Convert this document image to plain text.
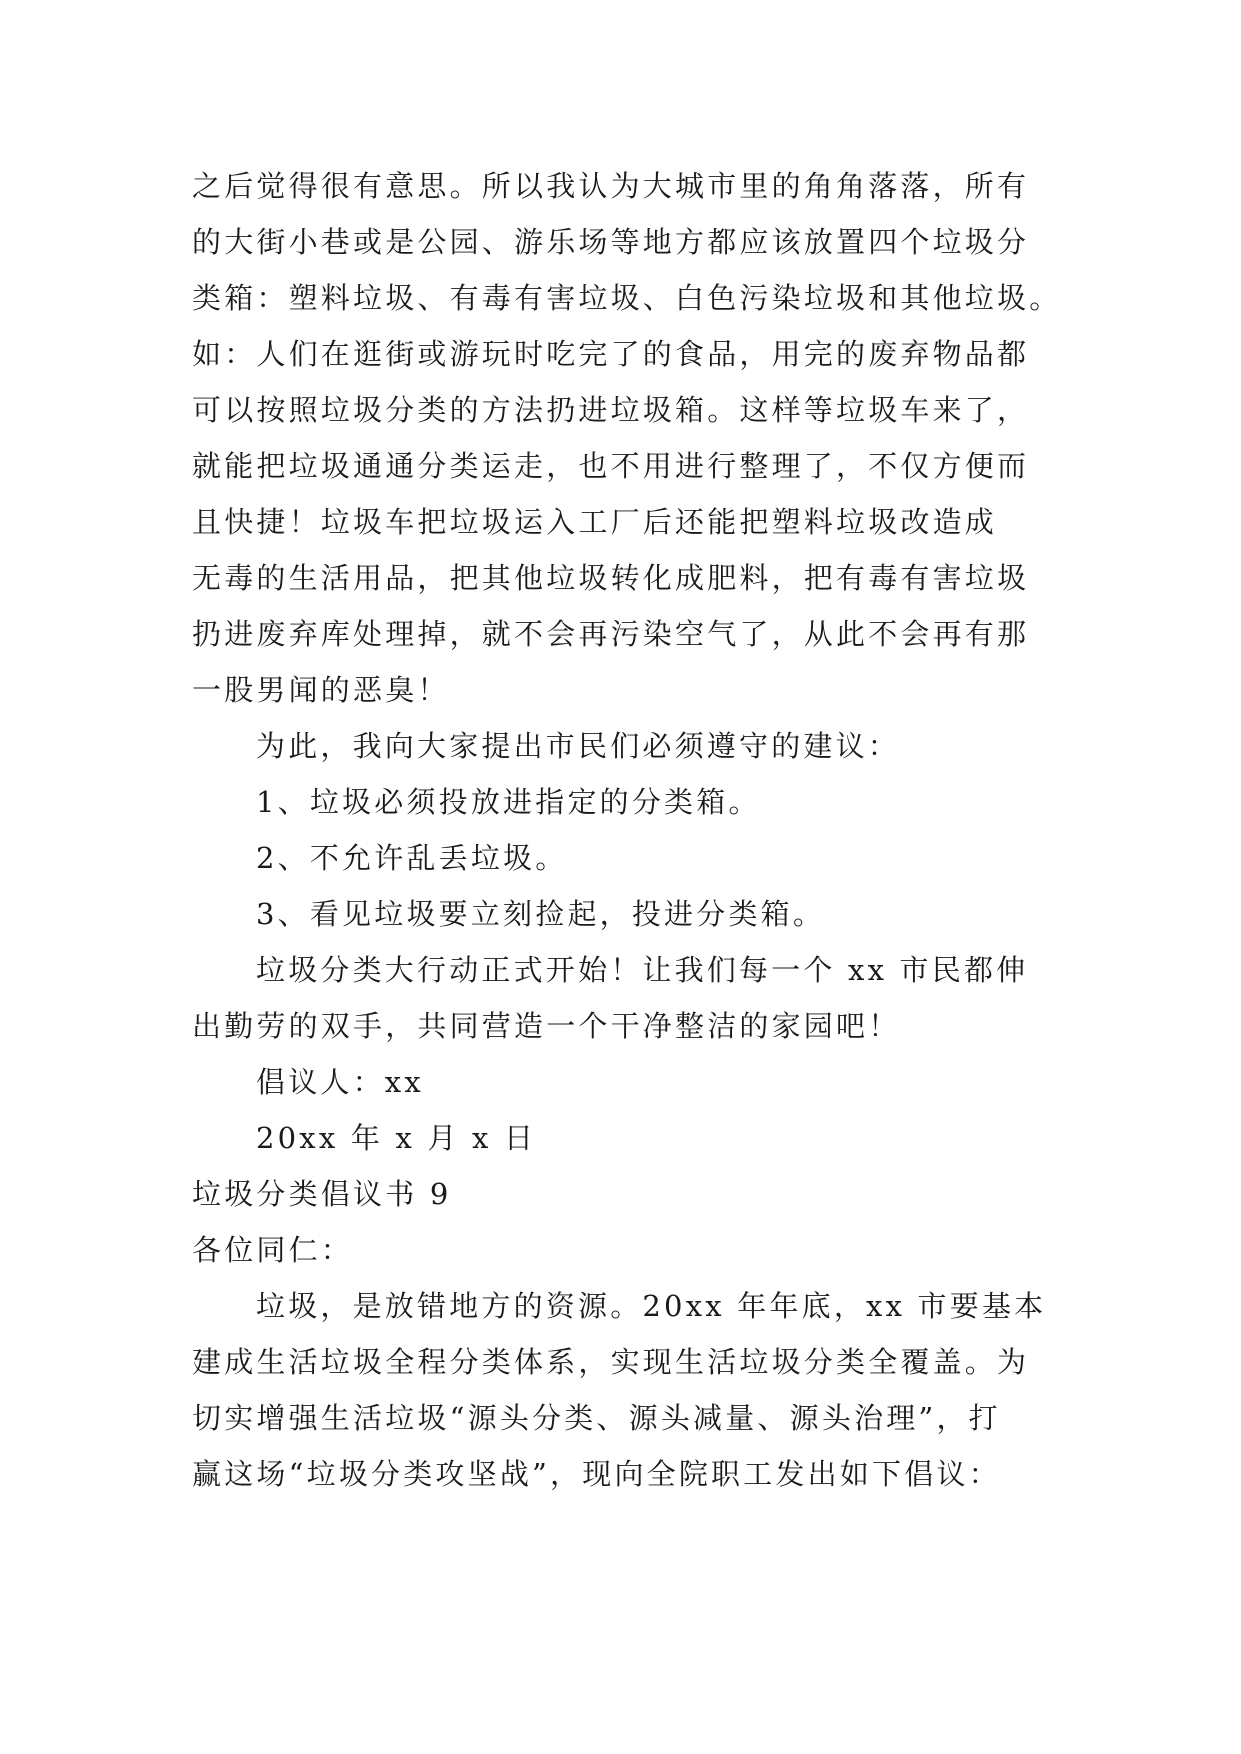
之后觉得很有意思。所以我认为大城市里的角角落落，所有
的大街小巷或是公园、游乐场等地方都应该放置四个垃圾分
类箱：塑料垃圾、有毒有害垃圾、白色污染垃圾和其他垃圾。
如：人们在逛街或游玩时吃完了的食品，用完的废弃物品都
可以按照垃圾分类的方法扔进垃圾箱。这样等垃圾车来了，
就能把垃圾通通分类运走，也不用进行整理了，不仅方便而
且快捷！垃圾车把垃圾运入工厂后还能把塑料垃圾改造成
无毒的生活用品，把其他垃圾转化成肥料，把有毒有害垃圾
扔进废弃库处理掉，就不会再污染空气了，从此不会再有那
一股男闻的恶臭！
为此，我向大家提出市民们必须遵守的建议：
1、垃圾必须投放进指定的分类箱。
2、不允许乱丢垃圾。
3、看见垃圾要立刻捡起，投进分类箱。
垃圾分类大行动正式开始！让我们每一个 xx 市民都伸
出勤劳的双手，共同营造一个干净整洁的家园吧！
倡议人：xx
20xx 年 x 月 x 日
垃圾分类倡议书 9
各位同仁：
垃圾，是放错地方的资源。20xx 年年底，xx 市要基本
建成生活垃圾全程分类体系，实现生活垃圾分类全覆盖。为
切实增强生活垃圾“源头分类、源头减量、源头治理”，打
赢这场“垃圾分类攻坚战”，现向全院职工发出如下倡议：
